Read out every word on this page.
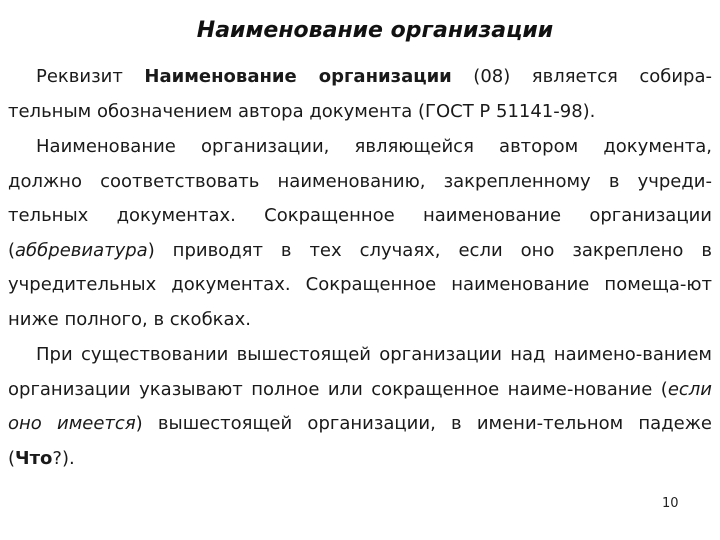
Наименование организации

Реквизит Наименование организации (08) является собира-тельным обозначением автора документа (ГОСТ Р 51141-98).

Наименование организации, являющейся автором документа, должно соответствовать наименованию, закрепленному в учреди-тельных документах. Сокращенное наименование организации (аббревиатура) приводят в тех случаях, если оно закреплено в учредительных документах. Сокращенное наименование помеща-ют ниже полного, в скобках.

При существовании вышестоящей организации над наимено-ванием организации указывают полное или сокращенное наиме-нование (если оно имеется) вышестоящей организации, в имени-тельном падеже (Что?).

10
